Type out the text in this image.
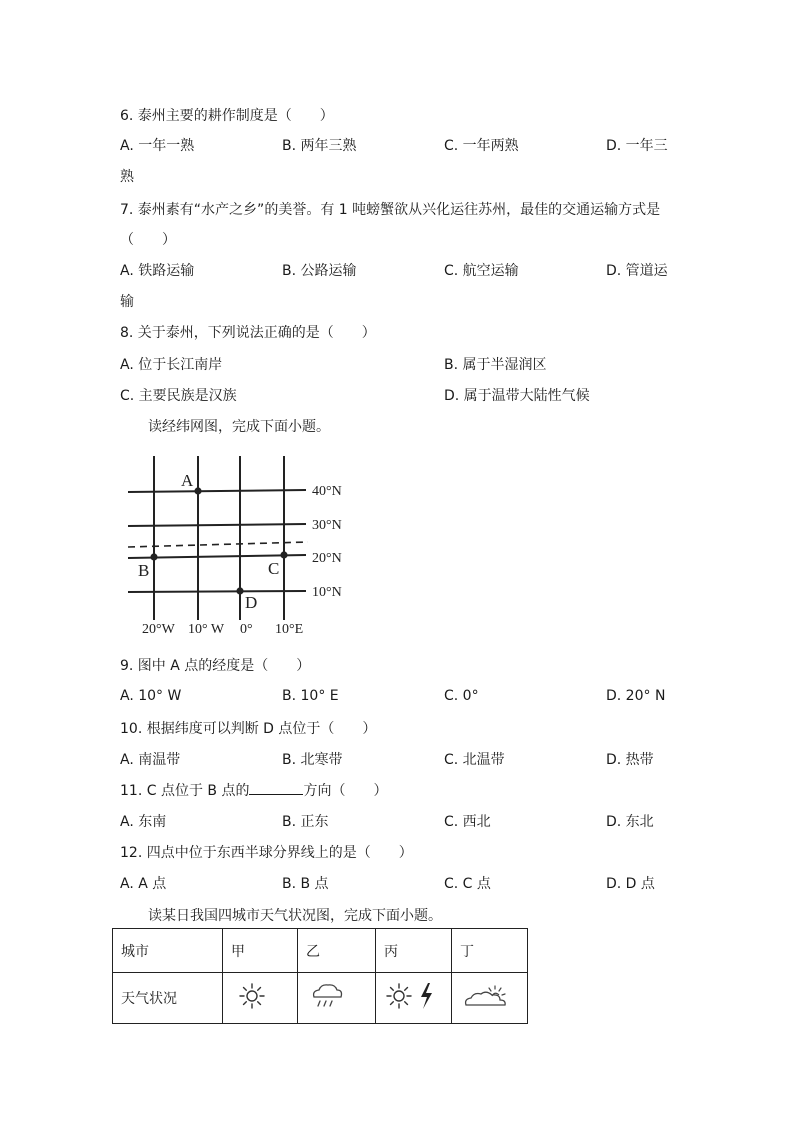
6. 泰州主要的耕作制度是（　　）
A. 一年一熟	B. 两年三熟	C. 一年两熟	D. 一年三
熟
7. 泰州素有“水产之乡”的美誉。有 1 吨螃蟹欲从兴化运往苏州，最佳的交通运输方式是
（　　）
A. 铁路运输	B. 公路运输	C. 航空运输	D. 管道运
输
8. 关于泰州，下列说法正确的是（　　）
A. 位于长江南岸	B. 属于半湿润区
C. 主要民族是汉族	D. 属于温带大陆性气候
读经纬网图，完成下面小题。
A
B	C
D
40°N
30°N
20°N
10°N
20°W 10° W 0° 10°E
9. 图中 A 点的经度是（　　）
A. 10° W	B. 10° E	C. 0°	D. 20° N
10. 根据纬度可以判断 D 点位于（　　）
A. 南温带	B. 北寒带	C. 北温带	D. 热带
11. C 点位于 B 点的	方向（　　）
A. 东南	B. 正东	C. 西北	D. 东北
12. 四点中位于东西半球分界线上的是（　　）
A. A 点	B. B 点	C. C 点	D. D 点
读某日我国四城市天气状况图，完成下面小题。
城市	甲	乙	丙	丁
天气状况				
